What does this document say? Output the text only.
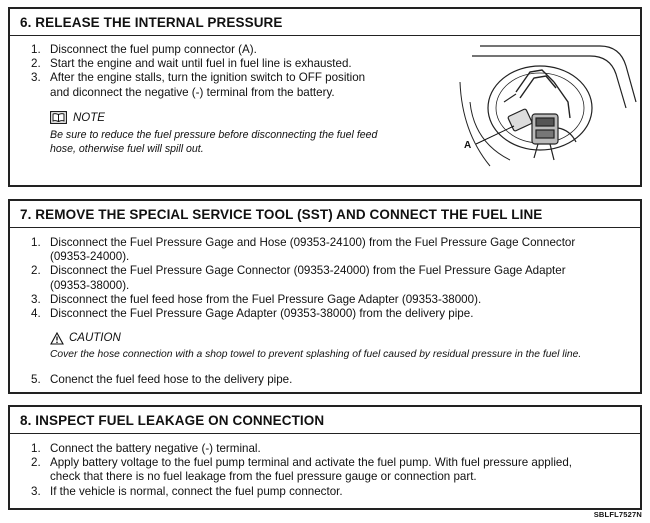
6. RELEASE THE INTERNAL PRESSURE
1. Disconnect the fuel pump connector (A).
2. Start the engine and wait until fuel in fuel line is exhausted.
3. After the engine stalls, turn the ignition switch to OFF position
and diconnect the negative (-) terminal from the battery.
NOTE
Be sure to reduce the fuel pressure before disconnecting the fuel feed
hose, otherwise fuel will spill out.	A
7. REMOVE THE SPECIAL SERVICE TOOL (SST) AND CONNECT THE FUEL LINE
1. Disconnect the Fuel Pressure Gage and Hose (09353-24100) from the Fuel Pressure Gage Connector
(09353-24000).
2. Disconnect the Fuel Pressure Gage Connector (09353-24000) from the Fuel Pressure Gage Adapter
(09353-38000).
3. Disconnect the fuel feed hose from the Fuel Pressure Gage Adapter (09353-38000).
4. Disconnect the Fuel Pressure Gage Adapter (09353-38000) from the delivery pipe.
CAUTION
Cover the hose connection with a shop towel to prevent splashing of fuel caused by residual pressure in the fuel line.
5. Conenct the fuel feed hose to the delivery pipe.
8. INSPECT FUEL LEAKAGE ON CONNECTION
1. Connect the battery negative (-) terminal.
2. Apply battery voltage to the fuel pump terminal and activate the fuel pump. With fuel pressure applied,
check that there is no fuel leakage from the fuel pressure gauge or connection part.
3. If the vehicle is normal, connect the fuel pump connector.
SBLFL7527N
